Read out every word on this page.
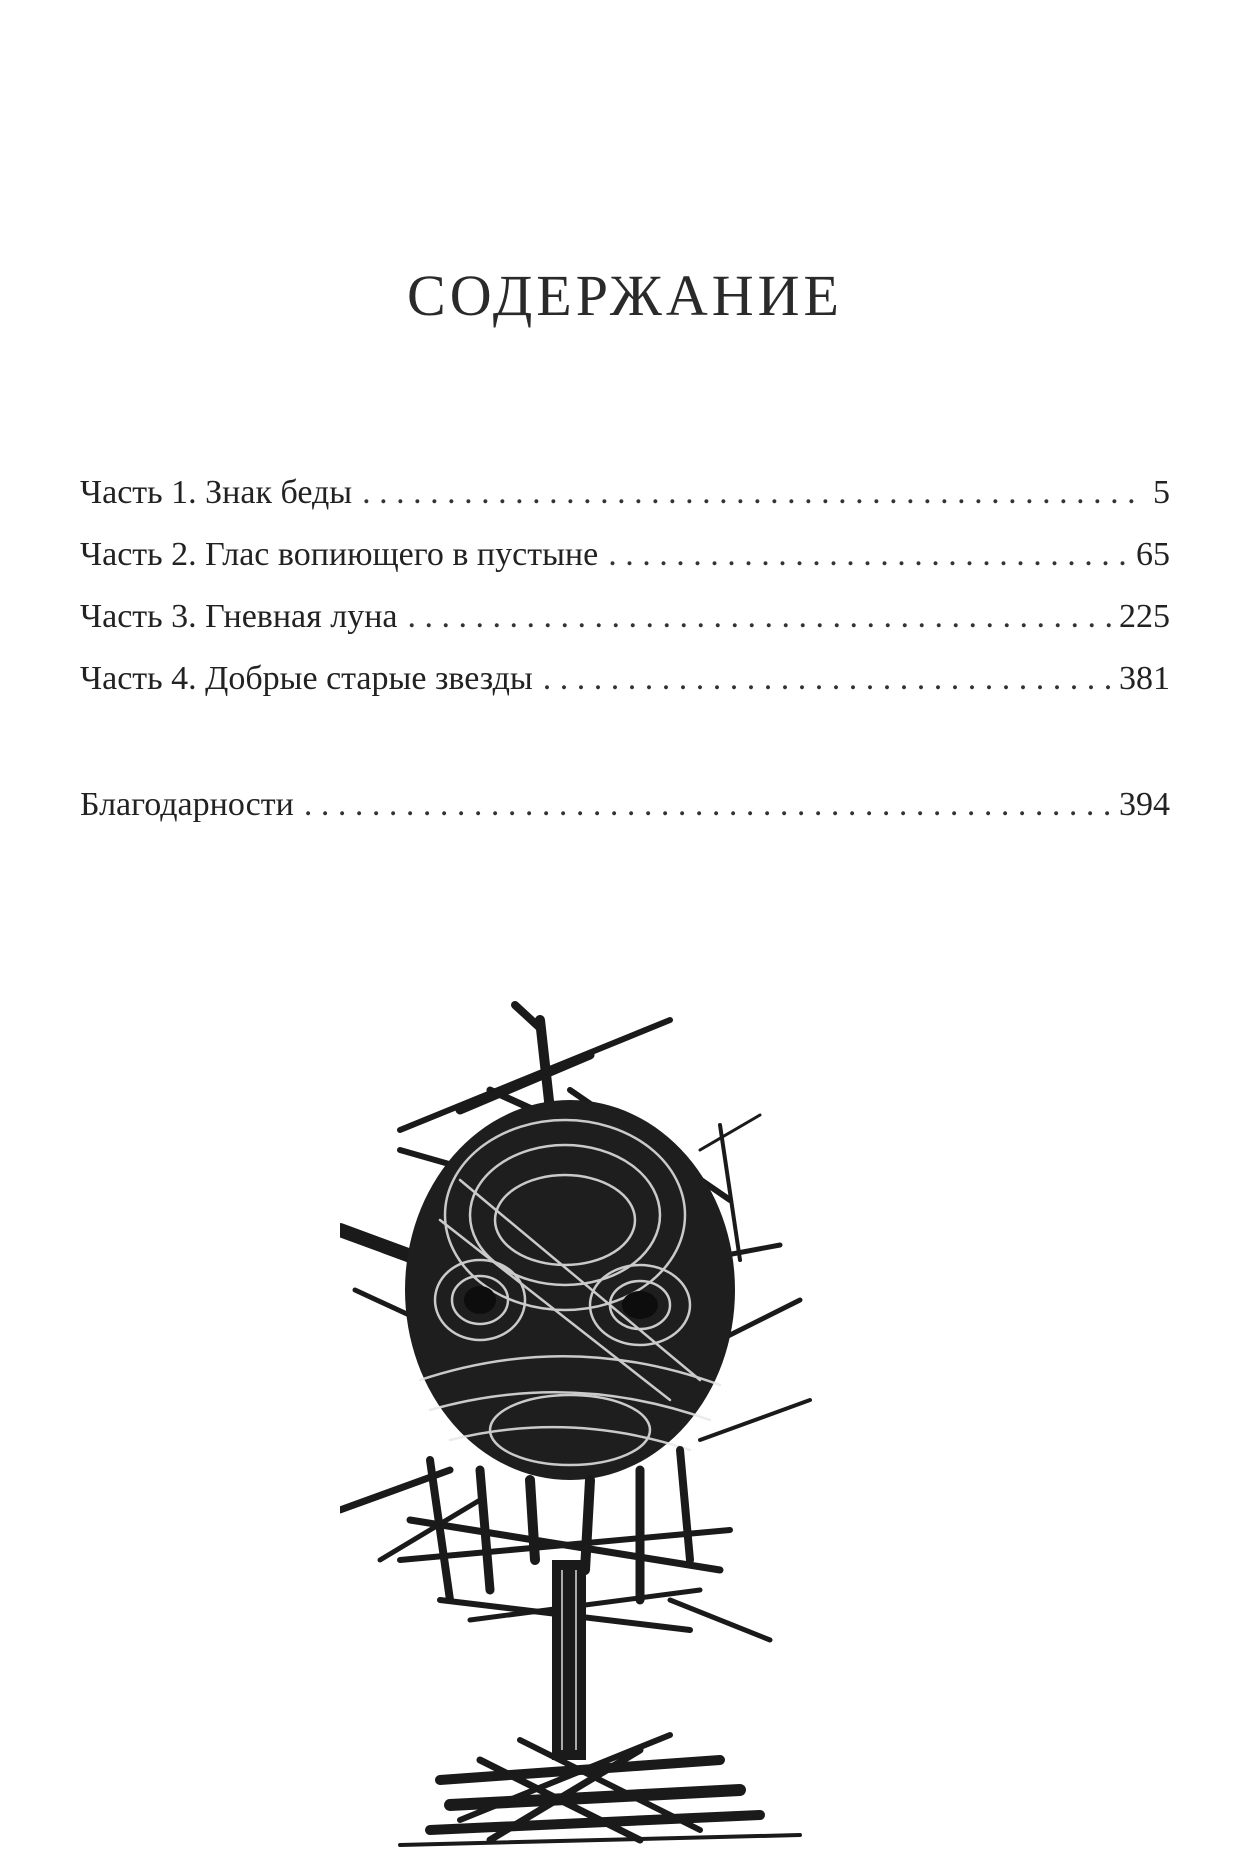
СОДЕРЖАНИЕ
Часть 1. Знак беды . . .	5
Часть 2. Глас вопиющего в пустыне . . .	65
Часть 3. Гневная луна . . .	225
Часть 4. Добрые старые звезды . . .	381
Благодарности . . .	394
